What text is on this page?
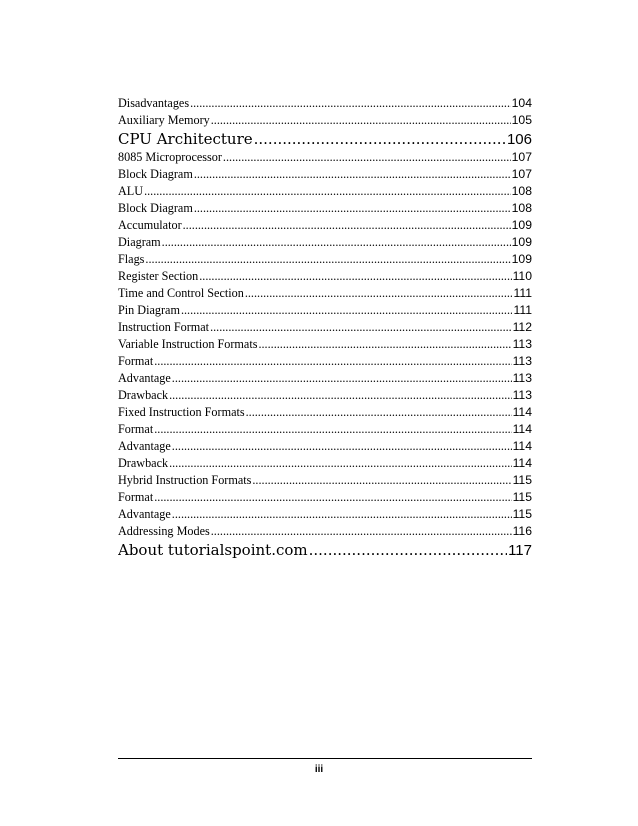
Disadvantages .....	104
Auxiliary Memory .....	105
CPU Architecture .....	106
8085 Microprocessor .....	107
Block Diagram .....	107
ALU .....	108
Block Diagram .....	108
Accumulator .....	109
Diagram .....	109
Flags .....	109
Register Section .....	110
Time and Control Section .....	111
Pin Diagram .....	111
Instruction Format .....	112
Variable Instruction Formats .....	113
Format .....	113
Advantage .....	113
Drawback .....	113
Fixed Instruction Formats .....	114
Format .....	114
Advantage .....	114
Drawback .....	114
Hybrid Instruction Formats .....	115
Format .....	115
Advantage .....	115
Addressing Modes .....	116
About tutorialspoint.com .....	117
iii
